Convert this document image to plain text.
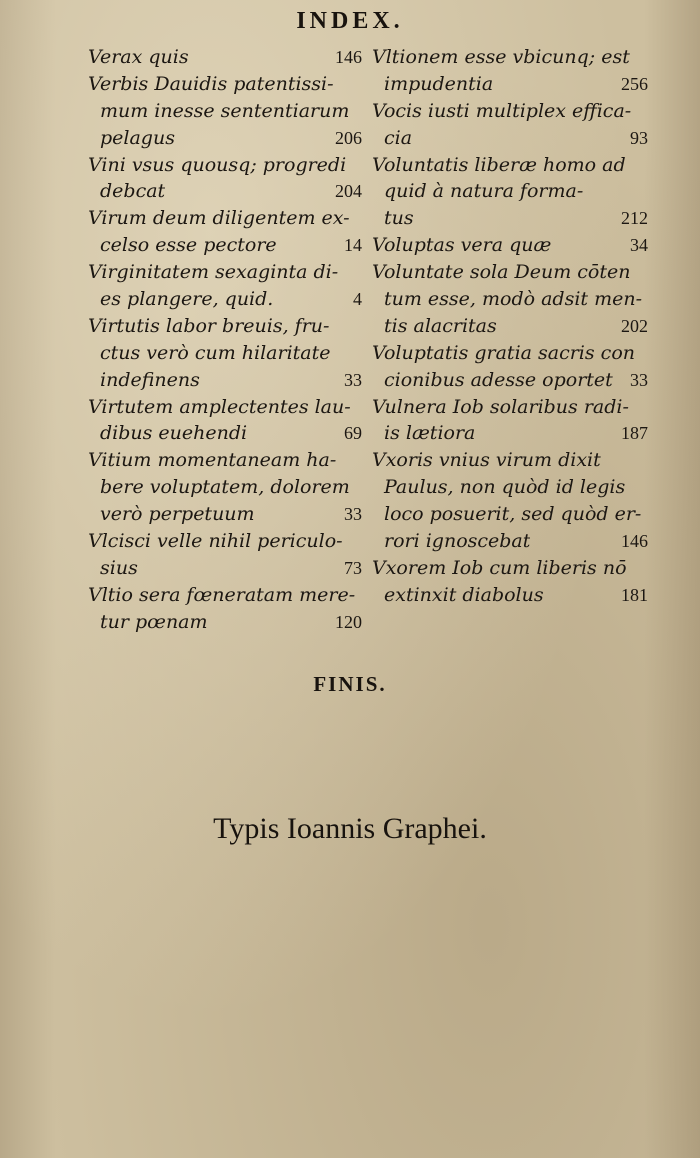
INDEX.
Verax quis	146
Verbis Dauidis patentissi-
mum inesse sententiarum
pelagus	206
Vini vsus quousq; progredi
debcat	204
Virum deum diligentem ex-
celso esse pectore	14
Virginitatem sexaginta di-
es plangere, quid.	4
Virtutis labor breuis, fru-
ctus verò cum hilaritate
indefinens	33
Virtutem amplectentes lau-
dibus euehendi	69
Vitium momentaneam ha-
bere voluptatem, dolorem
verò perpetuum	33
Vlcisci velle nihil periculo-
sius	73
Vltio sera fœneratam mere-
tur pœnam	120
Vltionem esse vbicunq; est
impudentia	256
Vocis iusti multiplex effica-
cia	93
Voluntatis liberæ homo ad
quid à natura forma-
tus	212
Voluptas vera quæ	34
Voluntate sola Deum cōten
tum esse, modò adsit men-
tis alacritas	202
Voluptatis gratia sacris con
cionibus adesse oportet 33
Vulnera Iob solaribus radi-
is lætiora	187
Vxoris vnius virum dixit
Paulus, non quòd id legis
loco posuerit, sed quòd er-
rori ignoscebat	146
Vxorem Iob cum liberis nō
extinxit diabolus	181
FINIS.
Typis Ioannis Graphei.
